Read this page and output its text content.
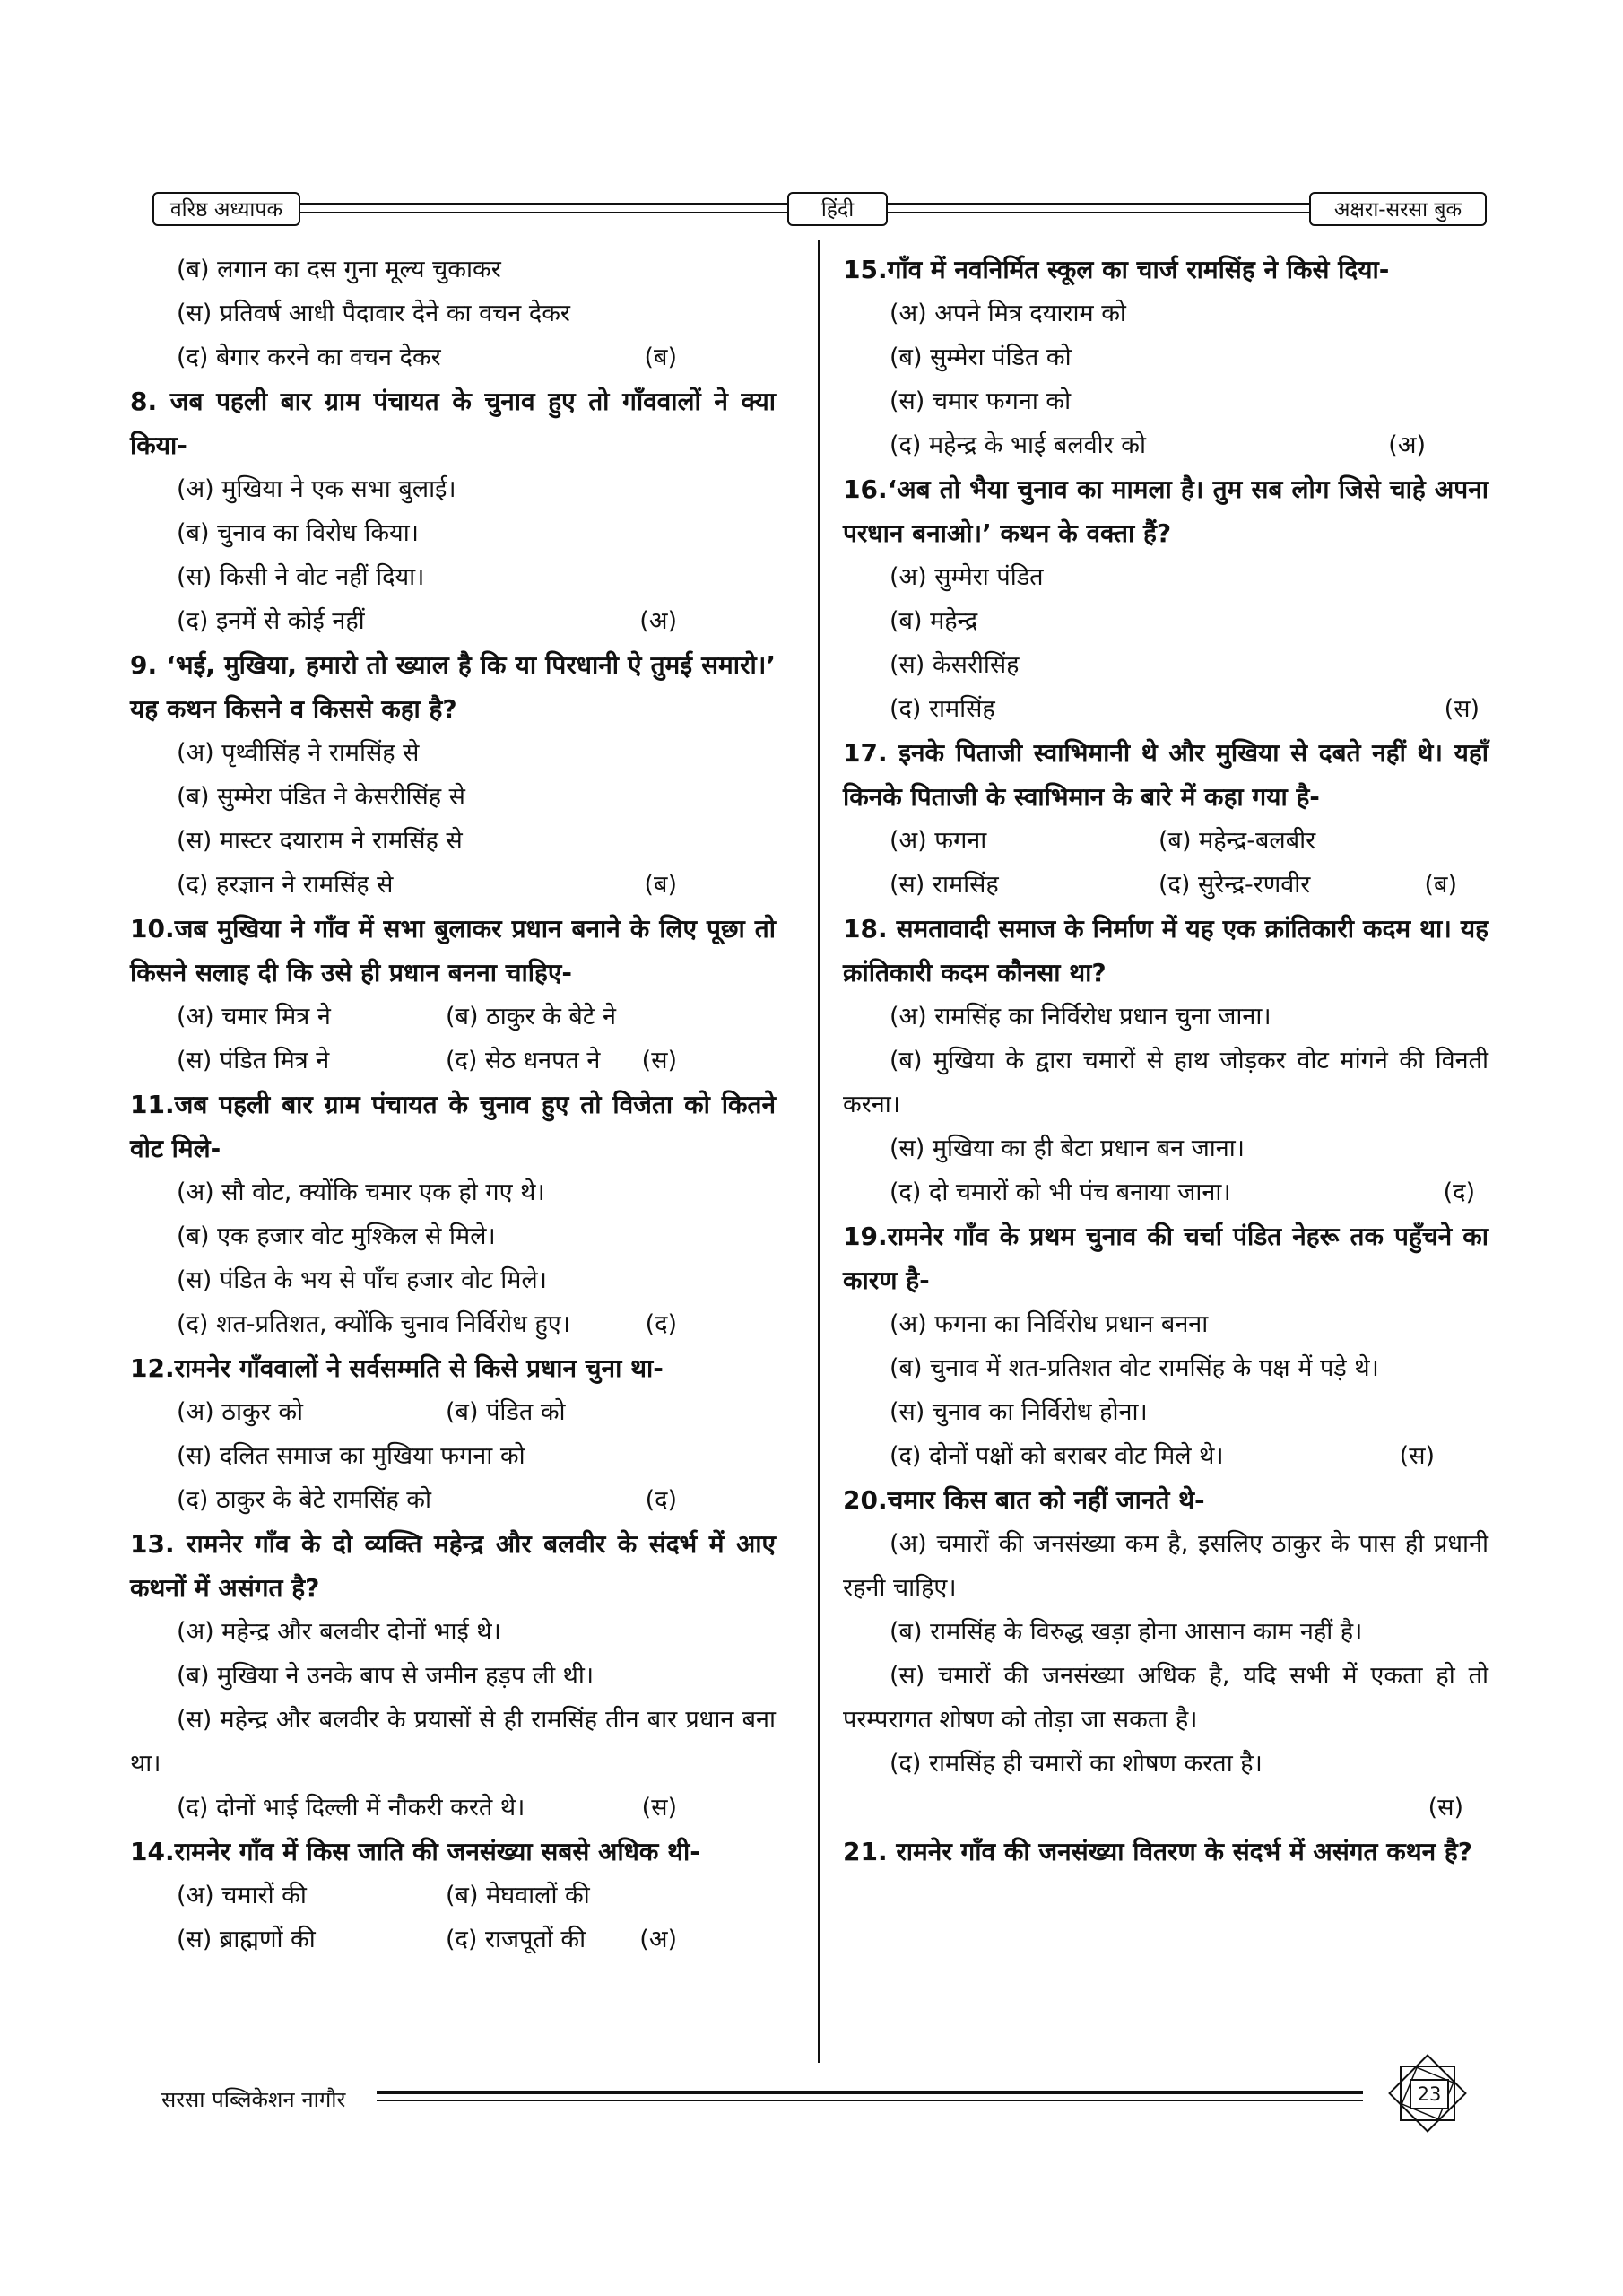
वरिष्ठ अध्यापक	हिंदी	अक्षरा-सरसा बुक
(ब) लगान का दस गुना मूल्य चुकाकर
(स) प्रतिवर्ष आधी पैदावार देने का वचन देकर
(द) बेगार करने का वचन देकर	(ब)
8. जब पहली बार ग्राम पंचायत के चुनाव हुए तो गाँववालों ने क्या किया-
(अ) मुखिया ने एक सभा बुलाई।
(ब) चुनाव का विरोध किया।
(स) किसी ने वोट नहीं दिया।
(द) इनमें से कोई नहीं	(अ)
9. ‘भई, मुखिया, हमारो तो ख्याल है कि या पिरधानी ऐ तुमई समारो।’ यह कथन किसने व किससे कहा है?
(अ) पृथ्वीसिंह ने रामसिंह से
(ब) सुम्मेरा पंडित ने केसरीसिंह से
(स) मास्टर दयाराम ने रामसिंह से
(द) हरज्ञान ने रामसिंह से	(ब)
10.जब मुखिया ने गाँव में सभा बुलाकर प्रधान बनाने के लिए पूछा तो किसने सलाह दी कि उसे ही प्रधान बनना चाहिए-
(अ) चमार मित्र ने	(ब) ठाकुर के बेटे ने
(स) पंडित मित्र ने	(द) सेठ धनपत ने (स)
11.जब पहली बार ग्राम पंचायत के चुनाव हुए तो विजेता को कितने वोट मिले-
(अ) सौ वोट, क्योंकि चमार एक हो गए थे।
(ब) एक हजार वोट मुश्किल से मिले।
(स) पंडित के भय से पाँच हजार वोट मिले।
(द) शत-प्रतिशत, क्योंकि चुनाव निर्विरोध हुए।	(द)
12.रामनेर गाँववालों ने सर्वसम्मति से किसे प्रधान चुना था-
(अ) ठाकुर को	(ब) पंडित को
(स) दलित समाज का मुखिया फगना को
(द) ठाकुर के बेटे रामसिंह को	(द)
13. रामनेर गाँव के दो व्यक्ति महेन्द्र और बलवीर के संदर्भ में आए कथनों में असंगत है?
(अ) महेन्द्र और बलवीर दोनों भाई थे।
(ब) मुखिया ने उनके बाप से जमीन हड़प ली थी।
(स) महेन्द्र और बलवीर के प्रयासों से ही रामसिंह तीन बार प्रधान बना था।
(द) दोनों भाई दिल्ली में नौकरी करते थे।	(स)
14.रामनेर गाँव में किस जाति की जनसंख्या सबसे अधिक थी-
(अ) चमारों की	(ब) मेघवालों की
(स) ब्राह्मणों की	(द) राजपूतों की (अ)
15.गाँव में नवनिर्मित स्कूल का चार्ज रामसिंह ने किसे दिया-
(अ) अपने मित्र दयाराम को
(ब) सुम्मेरा पंडित को
(स) चमार फगना को
(द) महेन्द्र के भाई बलवीर को	(अ)
16.‘अब तो भैया चुनाव का मामला है। तुम सब लोग जिसे चाहे अपना परधान बनाओ।’ कथन के वक्ता हैं?
(अ) सुम्मेरा पंडित
(ब) महेन्द्र
(स) केसरीसिंह
(द) रामसिंह	(स)
17. इनके पिताजी स्वाभिमानी थे और मुखिया से दबते नहीं थे। यहाँ किनके पिताजी के स्वाभिमान के बारे में कहा गया है-
(अ) फगना	(ब) महेन्द्र-बलबीर
(स) रामसिंह	(द) सुरेन्द्र-रणवीर	(ब)
18. समतावादी समाज के निर्माण में यह एक क्रांतिकारी कदम था। यह क्रांतिकारी कदम कौनसा था?
(अ) रामसिंह का निर्विरोध प्रधान चुना जाना।
(ब) मुखिया के द्वारा चमारों से हाथ जोड़कर वोट मांगने की विनती करना।
(स) मुखिया का ही बेटा प्रधान बन जाना।
(द) दो चमारों को भी पंच बनाया जाना।	(द)
19.रामनेर गाँव के प्रथम चुनाव की चर्चा पंडित नेहरू तक पहुँचने का कारण है-
(अ) फगना का निर्विरोध प्रधान बनना
(ब) चुनाव में शत-प्रतिशत वोट रामसिंह के पक्ष में पड़े थे।
(स) चुनाव का निर्विरोध होना।
(द) दोनों पक्षों को बराबर वोट मिले थे।	(स)
20.चमार किस बात को नहीं जानते थे-
(अ) चमारों की जनसंख्या कम है, इसलिए ठाकुर के पास ही प्रधानी रहनी चाहिए।
(ब) रामसिंह के विरुद्ध खड़ा होना आसान काम नहीं है।
(स) चमारों की जनसंख्या अधिक है, यदि सभी में एकता हो तो परम्परागत शोषण को तोड़ा जा सकता है।
(द) रामसिंह ही चमारों का शोषण करता है।
(स)
21. रामनेर गाँव की जनसंख्या वितरण के संदर्भ में असंगत कथन है?
सरसा पब्लिकेशन नागौर	23
